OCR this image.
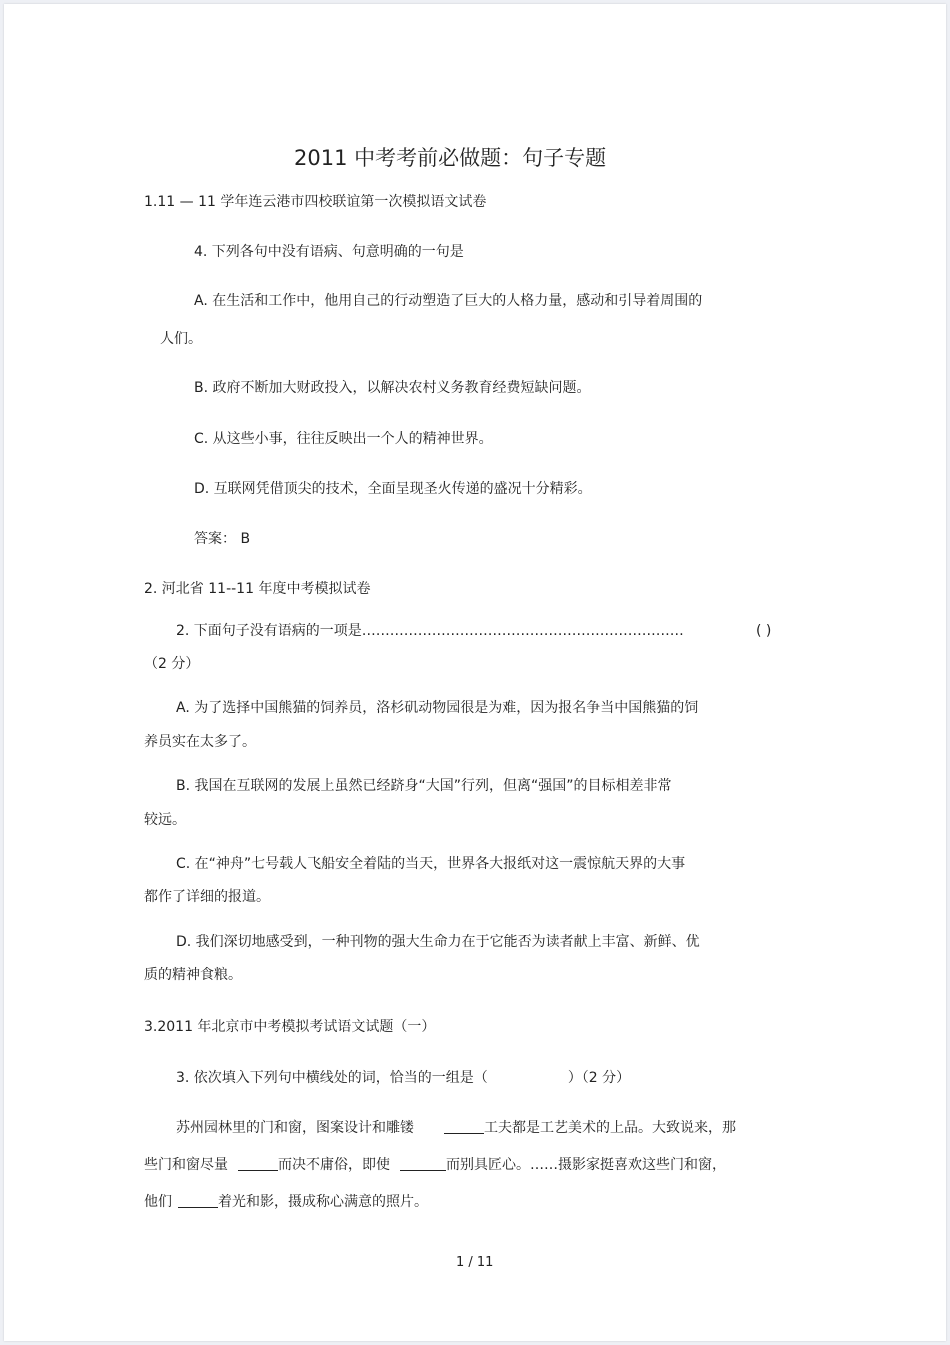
2011 中考考前必做题：句子专题
1.11 — 11 学年连云港市四校联谊第一次模拟语文试卷
4. 下列各句中没有语病、句意明确的一句是
A. 在生活和工作中，他用自己的行动塑造了巨大的人格力量，感动和引导着周围的
人们。
B. 政府不断加大财政投入，以解决农村义务教育经费短缺问题。
C. 从这些小事，往往反映出一个人的精神世界。
D. 互联网凭借顶尖的技术，全面呈现圣火传递的盛况十分精彩。
答案： B
2. 河北省 11--11 年度中考模拟试卷
2. 下面句子没有语病的一项是……………………………………………………………	( )
（2 分）
A. 为了选择中国熊猫的饲养员，洛杉矶动物园很是为难，因为报名争当中国熊猫的饲
养员实在太多了。
B. 我国在互联网的发展上虽然已经跻身“大国”行列，但离“强国”的目标相差非常
较远。
C. 在“神舟”七号载人飞船安全着陆的当天，世界各大报纸对这一震惊航天界的大事
都作了详细的报道。
D. 我们深切地感受到，一种刊物的强大生命力在于它能否为读者献上丰富、新鲜、优
质的精神食粮。
3.2011 年北京市中考模拟考试语文试题（一）
3. 依次填入下列句中横线处的词，恰当的一组是（	）（2 分）
苏州园林里的门和窗，图案设计和雕镂	工夫都是工艺美术的上品。大致说来，那
些门和窗尽量	而决不庸俗，即使	而别具匠心。……摄影家挺喜欢这些门和窗，
他们	着光和影，摄成称心满意的照片。
1 / 11
